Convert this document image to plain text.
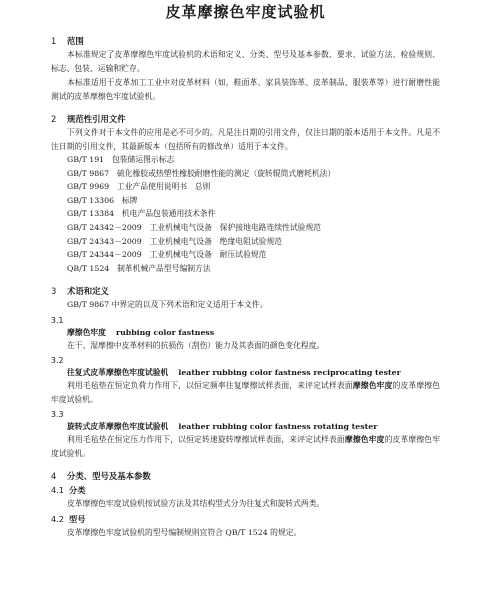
皮革摩擦色牢度试验机
1 范围

本标准规定了皮革摩擦色牢度试验机的术语和定义、分类、型号及基本参数、要求、试验方法、检验规则、标志、包装、运输和贮存。

本标准适用于皮革加工工业中对皮革材料（如，鞋面革、家具装饰革、皮革制品、服装革等）进行耐磨性能测试的皮革摩擦色牢度试验机。

2 规范性引用文件

下列文件对于本文件的应用是必不可少的。凡是注日期的引用文件，仅注日期的版本适用于本文件。凡是不注日期的引用文件，其最新版本（包括所有的修改单）适用于本文件。

GB/T 191　包装储运图示标志
GB/T 9867　硫化橡胶或热塑性橡胶耐磨性能的测定（旋转辊筒式磨耗机法）
GB/T 9969　工业产品使用说明书　总则
GB/T 13306　标牌
GB/T 13384　机电产品包装通用技术条件
GB/T 24342－2009　工业机械电气设备　保护接地电路连续性试验规范
GB/T 24343－2009　工业机械电气设备　绝缘电阻试验规范
GB/T 24344－2009　工业机械电气设备　耐压试验规范
QB/T 1524　制革机械产品型号编制方法
3 术语和定义

GB/T 9867 中界定的以及下列术语和定义适用于本文件。

3.1
摩擦色牢度 rubbing color fastness

在干、湿摩擦中皮革材料的抗损伤（刮伤）能力及其表面的颜色变化程度。

3.2
往复式皮革摩擦色牢度试验机 leather rubbing color fastness reciprocating tester

利用毛毡垫在恒定负荷力作用下，以恒定频率往复摩擦试样表面，来评定试样表面摩擦色牢度的皮革摩擦色牢度试验机。

3.3
旋转式皮革摩擦色牢度试验机 leather rubbing color fastness rotating tester

利用毛毡垫在恒定压力作用下，以恒定转速旋转摩擦试样表面，来评定试样表面摩擦色牢度的皮革摩擦色牢度试验机。

4 分类、型号及基本参数
4.1 分类

皮革摩擦色牢度试验机按试验方法及其结构型式分为往复式和旋转式两类。

4.2 型号

皮革摩擦色牢度试验机的型号编制规则宜符合 QB/T 1524 的规定。
